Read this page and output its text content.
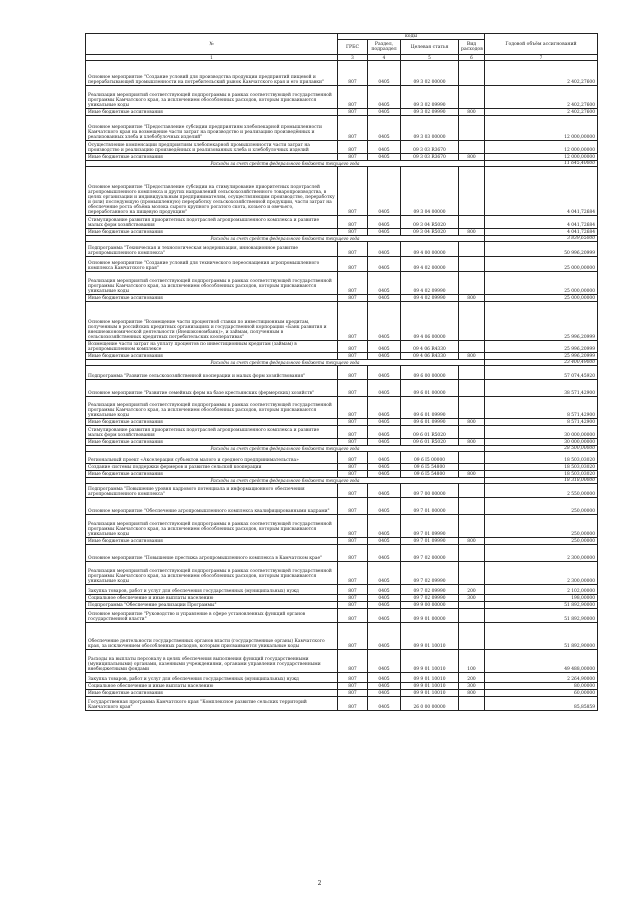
№	коды				Годовой объём ассигнований
	ГРБС	Раздел, подраздел	Целевая статья	Вид расходов	
1	3	4	5	6	7
Основное мероприятие "Создание условий для производства продукции предприятий пищевой и перерабатывающей промышленности на потребительский рынок Камчатского края и его прилавки"	807	0405	09 3 02 00000		2 402,27600
Реализация мероприятий соответствующей подпрограммы в рамках соответствующей государственной программы Камчатского края, за исключением обособленных расходов, которым присваиваются уникальные коды	807	0405	09 3 02 09990		2 402,27600
Иные бюджетные ассигнования	807	0405	09 3 02 09990	800	2 402,27600
Основное мероприятие "Предоставление субсидии предприятиям хлебопекарной промышленности Камчатского края на возмещение части затрат на производство и реализацию произведённых и реализованных хлеба и хлебобулочных изделий"	807	0405	09 3 03 00000		12 000,00000
Осуществление компенсации предприятиям хлебопекарной промышленности части затрат на производство и реализацию произведённых и реализованных хлеба и хлебобулочных изделий	807	0405	09 3 03 R3670		12 000,00000
Иные бюджетные ассигнования	807	0405	09 3 03 R3670	800	12 000,00000
Расходы за счет средств федерального бюджета текущего года					11 645,40000
Основное мероприятие "Предоставление субсидии на стимулирование приоритетных подотраслей агропромышленного комплекса и других направлений сельскохозяйственного товаропроизводства, в целях организации и индивидуальным предпринимателям, осуществляющим производство, переработку и (или) последующую (промышленную) переработку сельскохозяйственной продукции, части затрат на обеспечение роста объёма молока сырого крупного рогатого скота, козьего и овечьего, переработанного на пищевую продукцию"	807	0405	09 3 04 00000		4 041,72684
Стимулирование развития приоритетных подотраслей агропромышленного комплекса и развитие малых форм хозяйствования	807	0405	09 3 04 R5020		4 041,72684
Иные бюджетные ассигнования	807	0405	09 3 04 R5020	800	4 041,72684
Расходы за счет средств федерального бюджета текущего года					3 839,65000
Подпрограмма "Техническая и технологическая модернизация, инновационное развитие агропромышленного комплекса"	807	0405	09 4 00 00000		50 996,20999
Основное мероприятие "Создание условий для технического переоснащения агропромышленного комплекса Камчатского края"	807	0405	09 4 02 00000		25 000,00000
Реализация мероприятий соответствующей подпрограммы в рамках соответствующей государственной программы Камчатского края, за исключением обособленных расходов, которым присваиваются уникальные коды	807	0405	09 4 02 09990		25 000,00000
Иные бюджетные ассигнования	807	0405	09 4 02 09990	800	25 000,00000
Основное мероприятие "Возмещение части процентной ставки по инвестиционным кредитам, полученным в российских кредитных организациях и государственной корпорации «Банк развития и внешнеэкономической деятельности (Внешэкономбанк)», и займам, полученным в сельскохозяйственных кредитных потребительских кооперативах"	807	0405	09 4 06 00000		25 996,20999
Возмещение части затрат на уплату процентов по инвестиционным кредитам (займам) в агропромышленном комплексе	807	0405	09 4 06 R4330		25 996,20999
Иные бюджетные ассигнования	807	0405	09 4 06 R4330	800	25 996,20999
Расходы за счет средств федерального бюджета текущего года					23 400,49000
Подпрограмма "Развитие сельскохозяйственной кооперации и малых форм хозяйствования"	807	0405	09 6 00 00000		57 074,45920
Основное мероприятие "Развитие семейных ферм на базе крестьянских (фермерских) хозяйств"	807	0405	09 6 01 00000		38 571,42900
Реализация мероприятий соответствующей подпрограммы в рамках соответствующей государственной программы Камчатского края, за исключением обособленных расходов, которым присваиваются уникальные коды	807	0405	09 6 01 09990		8 571,42900
Иные бюджетные ассигнования	807	0405	09 6 01 09990	800	8 571,42900
Стимулирование развития приоритетных подотраслей агропромышленного комплекса и развитие малых форм хозяйствования	807	0405	09 6 01 R5020		30 000,00000
Иные бюджетные ассигнования	807	0405	09 6 01 R5020	800	30 000,00000
Расходы за счет средств федерального бюджета текущего года					28 500,00000
Региональный проект «Акселерация субъектов малого и среднего предпринимательства»	807	0405	09 6 I5 00000		18 503,03020
Создание системы поддержки фермеров и развитие сельской кооперации	807	0405	09 6 I5 54800		18 503,03020
Иные бюджетные ассигнования	807	0405	09 6 I5 54800	800	18 503,03020
Расходы за счет средств федерального бюджета текущего года					18 318,00000
Подпрограмма "Повышение уровня кадрового потенциала и информационного обеспечения агропромышленного комплекса"	807	0405	09 7 00 00000		2 550,00000
Основное мероприятие "Обеспечение агропромышленного комплекса квалифицированными кадрами"	807	0405	09 7 01 00000		250,00000
Реализация мероприятий соответствующей подпрограммы в рамках соответствующей государственной программы Камчатского края, за исключением обособленных расходов, которым присваиваются уникальные коды	807	0405	09 7 01 09990		250,00000
Иные бюджетные ассигнования	807	0405	09 7 01 09990	800	250,00000
Основное мероприятие "Повышение престижа агропромышленного комплекса в Камчатском крае"	807	0405	09 7 02 00000		2 300,00000
Реализация мероприятий соответствующей подпрограммы в рамках соответствующей государственной программы Камчатского края, за исключением обособленных расходов, которым присваиваются уникальные коды	807	0405	09 7 02 09990		2 300,00000
Закупка товаров, работ и услуг для обеспечения государственных (муниципальных) нужд	807	0405	09 7 02 09990	200	2 102,00000
Социальное обеспечение и иные выплаты населению	807	0405	09 7 02 09990	300	198,00000
Подпрограмма "Обеспечение реализации Программы"	807	0405	09 9 00 00000		51 892,90000
Основное мероприятие "Руководство и управление в сфере установленных функций органов государственной власти"	807	0405	09 9 01 00000		51 892,90000
Обеспечение деятельности государственных органов власти (государственные органы) Камчатского края, за исключением обособленных расходов, которым присваиваются уникальные коды	807	0405	09 9 01 10010		51 892,90000
Расходы на выплаты персоналу в целях обеспечения выполнения функций государственными (муниципальными) органами, казенными учреждениями, органами управления государственными внебюджетными фондами	807	0405	09 9 01 10010	100	49 488,00000
Закупка товаров, работ и услуг для обеспечения государственных (муниципальных) нужд	807	0405	09 9 01 10010	200	2 264,90000
Социальное обеспечение и иные выплаты населению	807	0405	09 9 01 10010	300	80,00000
Иные бюджетные ассигнования	807	0405	09 9 01 10010	800	60,00000
Государственная программа Камчатского края "Комплексное развитие сельских территорий Камчатского края"	807	0405	26 0 00 00000		85,85859
2
